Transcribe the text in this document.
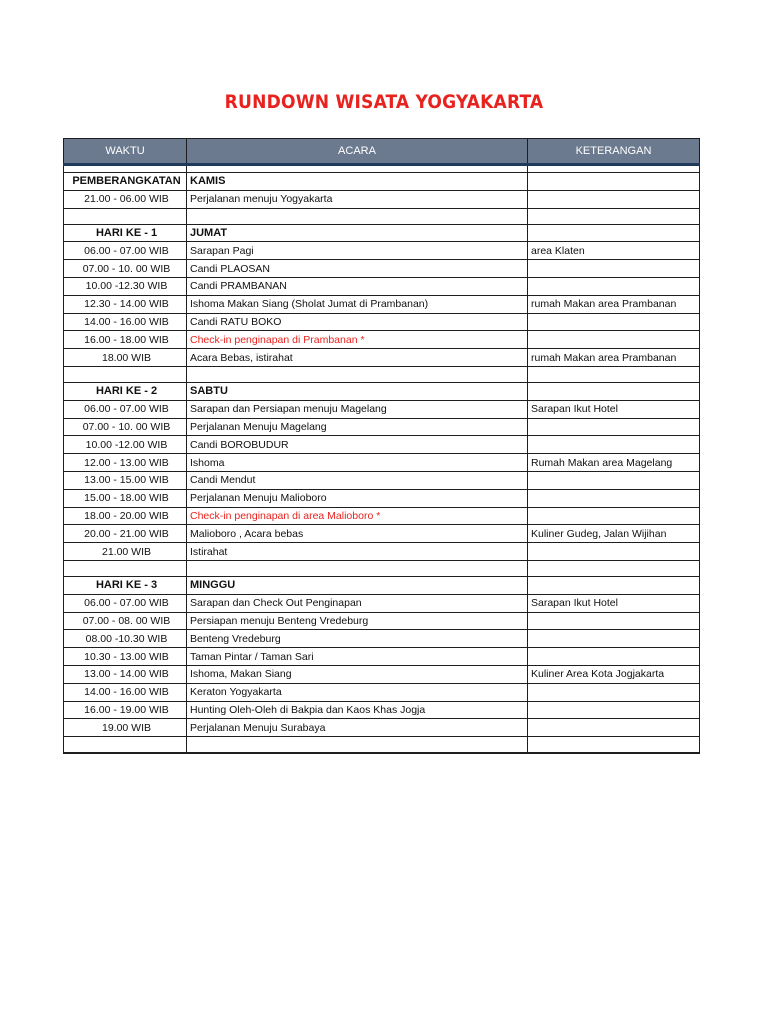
RUNDOWN WISATA YOGYAKARTA
WAKTU	ACARA	KETERANGAN

PEMBERANGKATAN	KAMIS	
21.00 - 06.00 WIB	Perjalanan menuju Yogyakarta	

HARI KE - 1	JUMAT	
06.00 - 07.00 WIB	Sarapan Pagi	area Klaten
07.00 - 10. 00 WIB	Candi PLAOSAN	
10.00 -12.30 WIB	Candi PRAMBANAN	
12.30 - 14.00 WIB	Ishoma Makan Siang (Sholat Jumat di Prambanan)	rumah Makan area Prambanan
14.00 - 16.00 WIB	Candi RATU BOKO	
16.00 - 18.00 WIB	Check-in penginapan di Prambanan *	
18.00 WIB	Acara Bebas, istirahat	rumah Makan area Prambanan

HARI KE - 2	SABTU	
06.00 - 07.00 WIB	Sarapan dan Persiapan menuju Magelang	Sarapan Ikut Hotel
07.00 - 10. 00 WIB	Perjalanan Menuju Magelang	
10.00 -12.00 WIB	Candi BOROBUDUR	
12.00 - 13.00 WIB	Ishoma	Rumah Makan area Magelang
13.00 - 15.00 WIB	Candi Mendut	
15.00 - 18.00 WIB	Perjalanan Menuju Malioboro	
18.00 - 20.00 WIB	Check-in penginapan di area Malioboro *	
20.00 - 21.00 WIB	Malioboro , Acara bebas	Kuliner Gudeg, Jalan Wijihan
21.00 WIB	Istirahat	

HARI KE - 3	MINGGU	
06.00 - 07.00 WIB	Sarapan dan Check Out Penginapan	Sarapan Ikut Hotel
07.00 - 08. 00 WIB	Persiapan menuju Benteng Vredeburg	
08.00 -10.30 WIB	Benteng Vredeburg	
10.30 - 13.00 WIB	Taman Pintar / Taman Sari	
13.00 - 14.00 WIB	Ishoma, Makan Siang	Kuliner Area Kota Jogjakarta
14.00 - 16.00 WIB	Keraton Yogyakarta	
16.00 - 19.00 WIB	Hunting Oleh-Oleh di Bakpia dan Kaos Khas Jogja	
19.00 WIB	Perjalanan Menuju Surabaya	
